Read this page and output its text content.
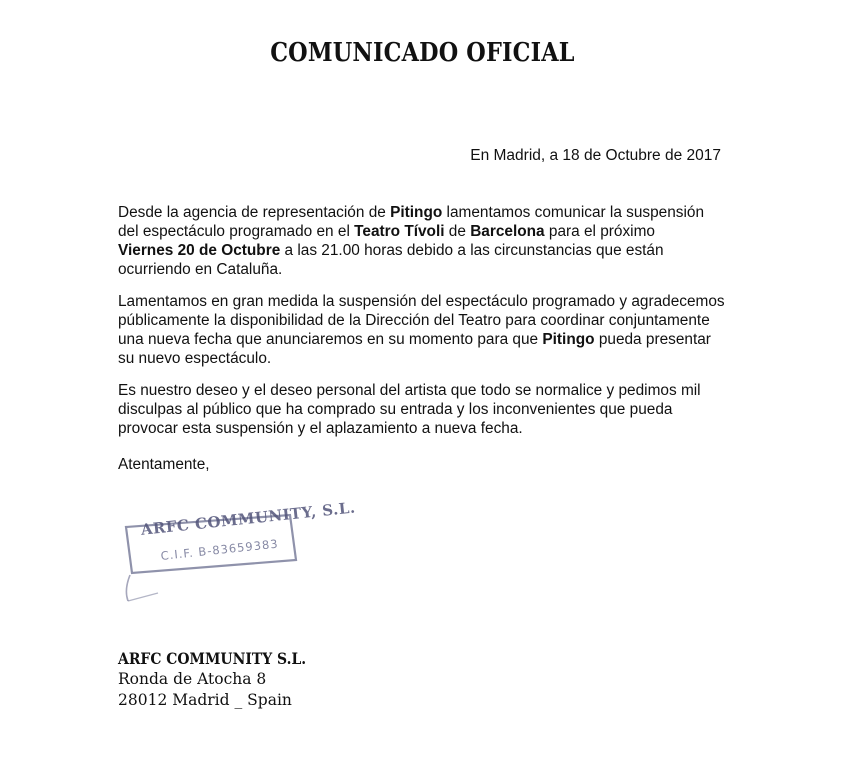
COMUNICADO OFICIAL
En Madrid, a 18 de Octubre de 2017

Desde la agencia de representación de Pitingo lamentamos comunicar la suspensión del espectáculo programado en el Teatro Tívoli de Barcelona para el próximo
Viernes 20 de Octubre a las 21.00 horas debido a las circunstancias que están ocurriendo en Cataluña.

Lamentamos en gran medida la suspensión del espectáculo programado y agradecemos públicamente la disponibilidad de la Dirección del Teatro para coordinar conjuntamente una nueva fecha que anunciaremos en su momento para que Pitingo pueda presentar su nuevo espectáculo.

Es nuestro deseo y el deseo personal del artista que todo se normalice y pedimos mil disculpas al público que ha comprado su entrada y los inconvenientes que pueda provocar esta suspensión y el aplazamiento a nueva fecha.

Atentamente,

ARFC COMMUNITY, S.L.
C.I.F. B-83659383
ARFC COMMUNITY S.L.
Ronda de Atocha 8
28012 Madrid _ Spain
